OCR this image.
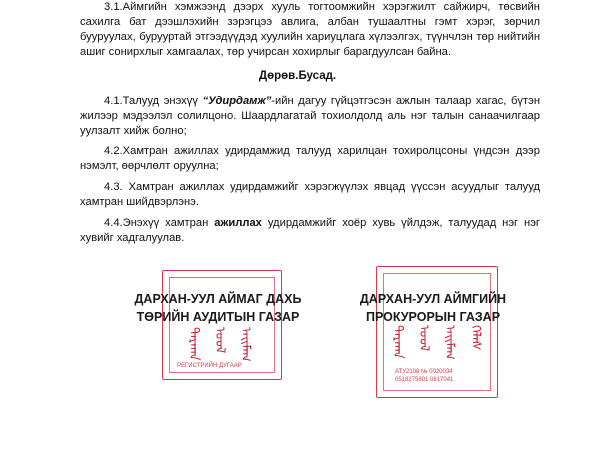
3.1.Аймгийн хэмжээнд дээрх хууль тогтоомжийн хэрэгжилт сайжирч, төсвийн сахилга бат дээшлэхийн зэрэгцээ авлига, албан тушаалтны гэмт хэрэг, зөрчил бууруулах, бурууртай этгээдүүдэд хуулийн хариуцлага хүлээлгэх, түүнчлэн төр нийтийн ашиг сонирхлыг хамгаалах, төр учирсан хохирлыг барагдуулсан байна.

Дөрөв.Бусад.

4.1.Талууд энэхүү “Удирдамж”-ийн дагуу гүйцэтгэсэн ажлын талаар хагас, бүтэн жилээр мэдээлэл солилцоно. Шаардлагатай тохиолдолд аль нэг талын санаачилгаар уулзалт хийж болно;

4.2.Хамтран ажиллах удирдамжид талууд харилцан тохиролцсоны үндсэн дээр нэмэлт, өөрчлөлт оруулна;

4.3. Хамтран ажиллах удирдамжийг хэрэгжүүлэх явцад үүссэн асуудлыг талууд хамтран шийдвэрлэнэ.

4.4.Энэхүү хамтран ажиллах удирдамжийг хоёр хувь үйлдэж, талуудад нэг нэг хувийг хадгалуулав.

ᠳᠠᠷᠬᠠᠨ ᠤᠤᠯ ᠠᠢᠮᠠᠭ
РЕГИСТРИЙН ДУГААР
ᠳᠠᠷᠬᠠᠨ ᠤᠤᠯ ᠠᠢᠮᠠᠭ ᠬᠡᠯᠡᠰ
АТУ2108 № 0020034
0518275801 0817041
ДАРХАН-УУЛ АЙМАГ ДАХЬ
ТӨРИЙН АУДИТЫН ГАЗАР
ДАРХАН-УУЛ АЙМГИЙН
ПРОКУРОРЫН ГАЗАР
